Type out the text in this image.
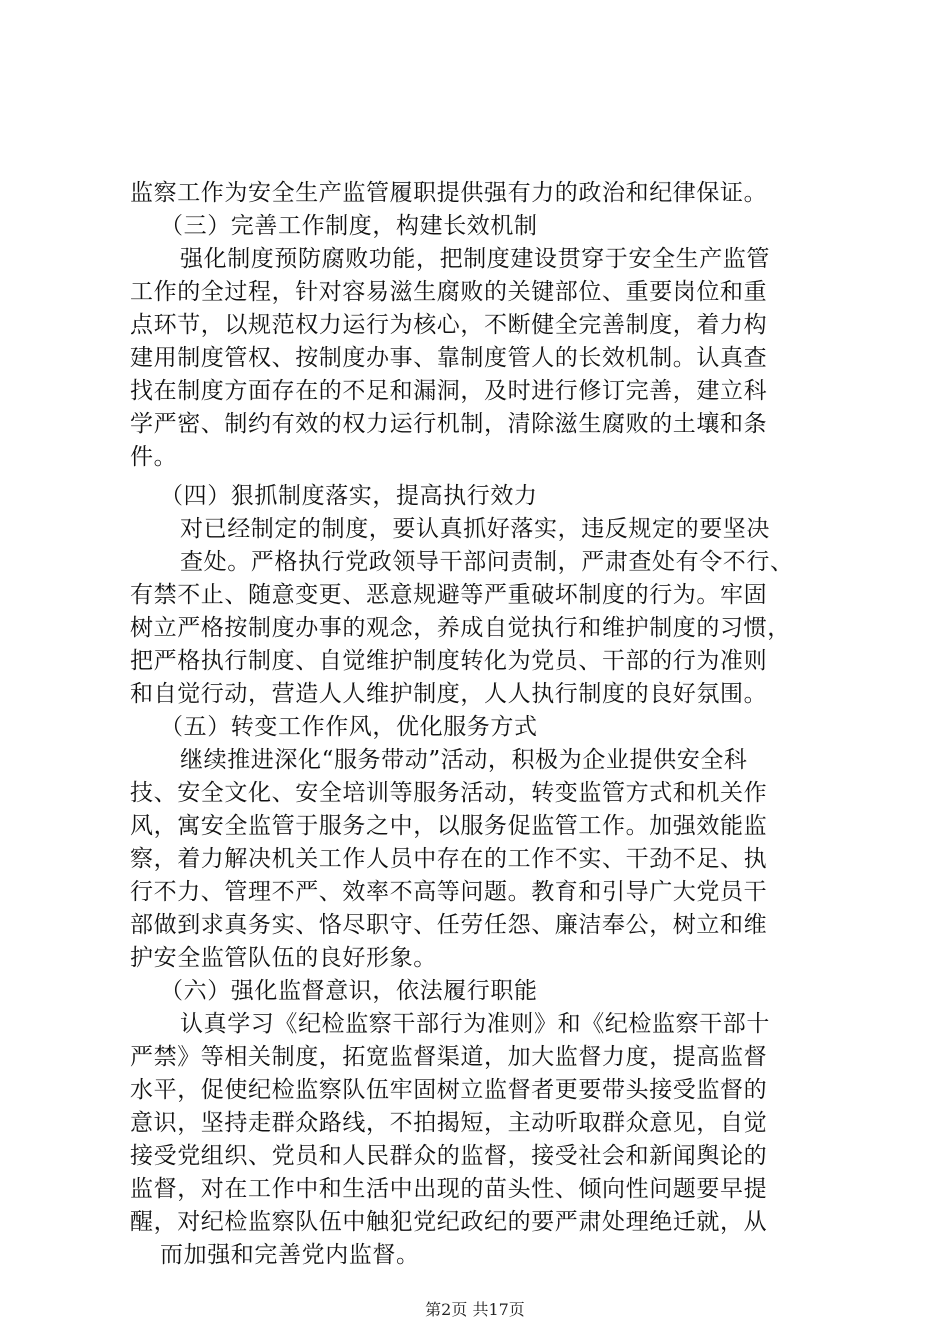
监察工作为安全生产监管履职提供强有力的政治和纪律保证。
（三）完善工作制度，构建长效机制
强化制度预防腐败功能，把制度建设贯穿于安全生产监管
工作的全过程，针对容易滋生腐败的关键部位、重要岗位和重
点环节，以规范权力运行为核心，不断健全完善制度，着力构
建用制度管权、按制度办事、靠制度管人的长效机制。认真查
找在制度方面存在的不足和漏洞，及时进行修订完善，建立科
学严密、制约有效的权力运行机制，清除滋生腐败的土壤和条
件。
（四）狠抓制度落实，提高执行效力
对已经制定的制度，要认真抓好落实，违反规定的要坚决
查处。严格执行党政领导干部问责制，严肃查处有令不行、
有禁不止、随意变更、恶意规避等严重破坏制度的行为。牢固
树立严格按制度办事的观念，养成自觉执行和维护制度的习惯，
把严格执行制度、自觉维护制度转化为党员、干部的行为准则
和自觉行动，营造人人维护制度，人人执行制度的良好氛围。
（五）转变工作作风，优化服务方式
继续推进深化“服务带动”活动，积极为企业提供安全科
技、安全文化、安全培训等服务活动，转变监管方式和机关作
风，寓安全监管于服务之中，以服务促监管工作。加强效能监
察，着力解决机关工作人员中存在的工作不实、干劲不足、执
行不力、管理不严、效率不高等问题。教育和引导广大党员干
部做到求真务实、恪尽职守、任劳任怨、廉洁奉公，树立和维
护安全监管队伍的良好形象。
（六）强化监督意识，依法履行职能
认真学习《纪检监察干部行为准则》和《纪检监察干部十
严禁》等相关制度，拓宽监督渠道，加大监督力度，提高监督
水平，促使纪检监察队伍牢固树立监督者更要带头接受监督的
意识，坚持走群众路线，不拍揭短，主动听取群众意见，自觉
接受党组织、党员和人民群众的监督，接受社会和新闻舆论的
监督，对在工作中和生活中出现的苗头性、倾向性问题要早提
醒，对纪检监察队伍中触犯党纪政纪的要严肃处理绝迁就，从
而加强和完善党内监督。
第2页 共17页
